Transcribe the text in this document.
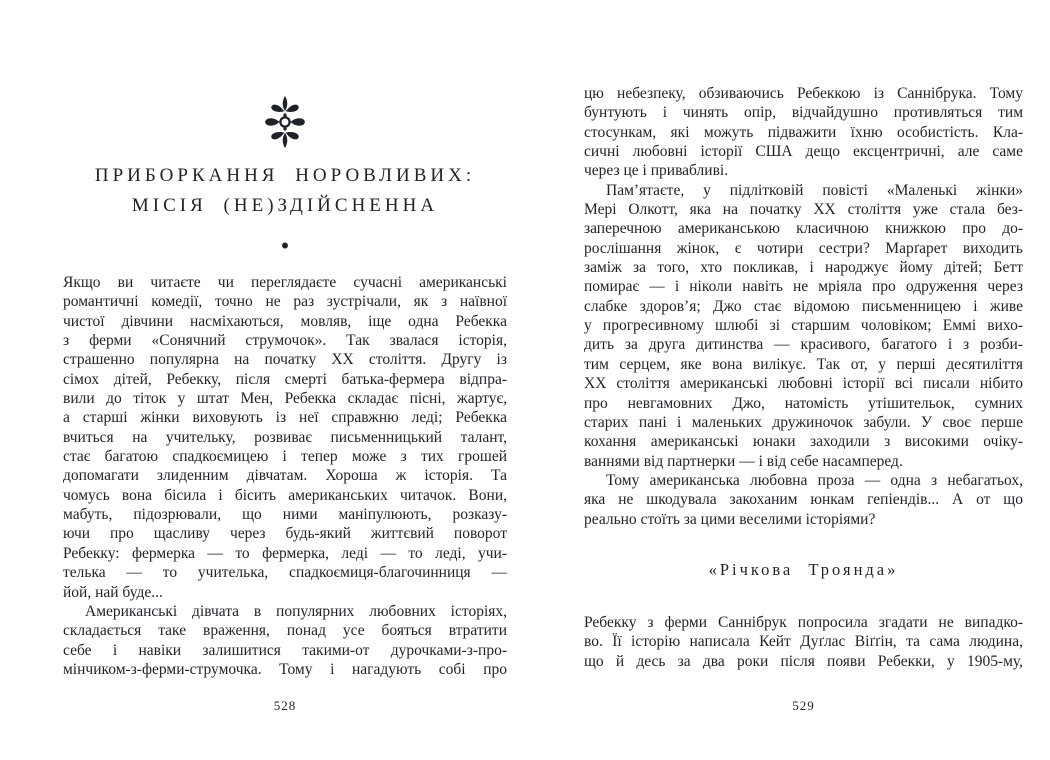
ПРИБОРКАННЯ НОРОВЛИВИХ:
МІСІЯ (НЕ)ЗДІЙСНЕННА
•
Якщо ви читаєте чи переглядаєте сучасні американські
романтичні комедії, точно не раз зустрічали, як з наївної
чистої дівчини насміхаються, мовляв, іще одна Ребекка
з ферми «Сонячний струмочок». Так звалася історія,
страшенно популярна на початку XX століття. Другу із
сімох дітей, Ребекку, після смерті батька-фермера відпра-
вили до тіток у штат Мен, Ребекка складає пісні, жартує,
а старші жінки виховують із неї справжню леді; Ребекка
вчиться на учительку, розвиває письменницький талант,
стає багатою спадкоємицею і тепер може з тих грошей
допомагати злиденним дівчатам. Хороша ж історія. Та
чомусь вона бісила і бісить американських читачок. Вони,
мабуть, підозрювали, що ними маніпулюють, розказу-
ючи про щасливу через будь-який життєвий поворот
Ребекку: фермерка — то фермерка, леді — то леді, учи-
телька — то учителька, спадкоємиця-благочинниця —
йой, най буде...
Американські дівчата в популярних любовних історіях,
складається таке враження, понад усе бояться втратити
себе і навіки залишитися такими-от дурочками-з-про-
мінчиком-з-ферми-струмочка. Тому і нагадують собі про
528
цю небезпеку, обзиваючись Ребеккою із Саннібрука. Тому
бунтують і чинять опір, відчайдушно противляться тим
стосункам, які можуть підважити їхню особистість. Кла-
сичні любовні історії США дещо ексцентричні, але саме
через це і привабливі.
Пам’ятаєте, у підлітковій повісті «Маленькі жінки»
Мері Олкотт, яка на початку XX століття уже стала без-
заперечною американською класичною книжкою про до-
рослішання жінок, є чотири сестри? Марґарет виходить
заміж за того, хто покликав, і народжує йому дітей; Бетт
помирає — і ніколи навіть не мріяла про одруження через
слабке здоров’я; Джо стає відомою письменницею і живе
у прогресивному шлюбі зі старшим чоловіком; Еммі вихо-
дить за друга дитинства — красивого, багатого і з розби-
тим серцем, яке вона вилікує. Так от, у перші десятиліття
XX століття американські любовні історії всі писали нібито
про невгамовних Джо, натомість утішительок, сумних
старих пані і маленьких дружиночок забули. У своє перше
кохання американські юнаки заходили з високими очіку-
ваннями від партнерки — і від себе насамперед.
Тому американська любовна проза — одна з небагатьох,
яка не шкодувала закоханим юнкам гепіендів... А от що
реально стоїть за цими веселими історіями?
«Річкова Троянда»
Ребекку з ферми Саннібрук попросила згадати не випадко-
во. Її історію написала Кейт Дуґлас Віґґін, та сама людина,
що й десь за два роки після появи Ребекки, у 1905-му,
529
